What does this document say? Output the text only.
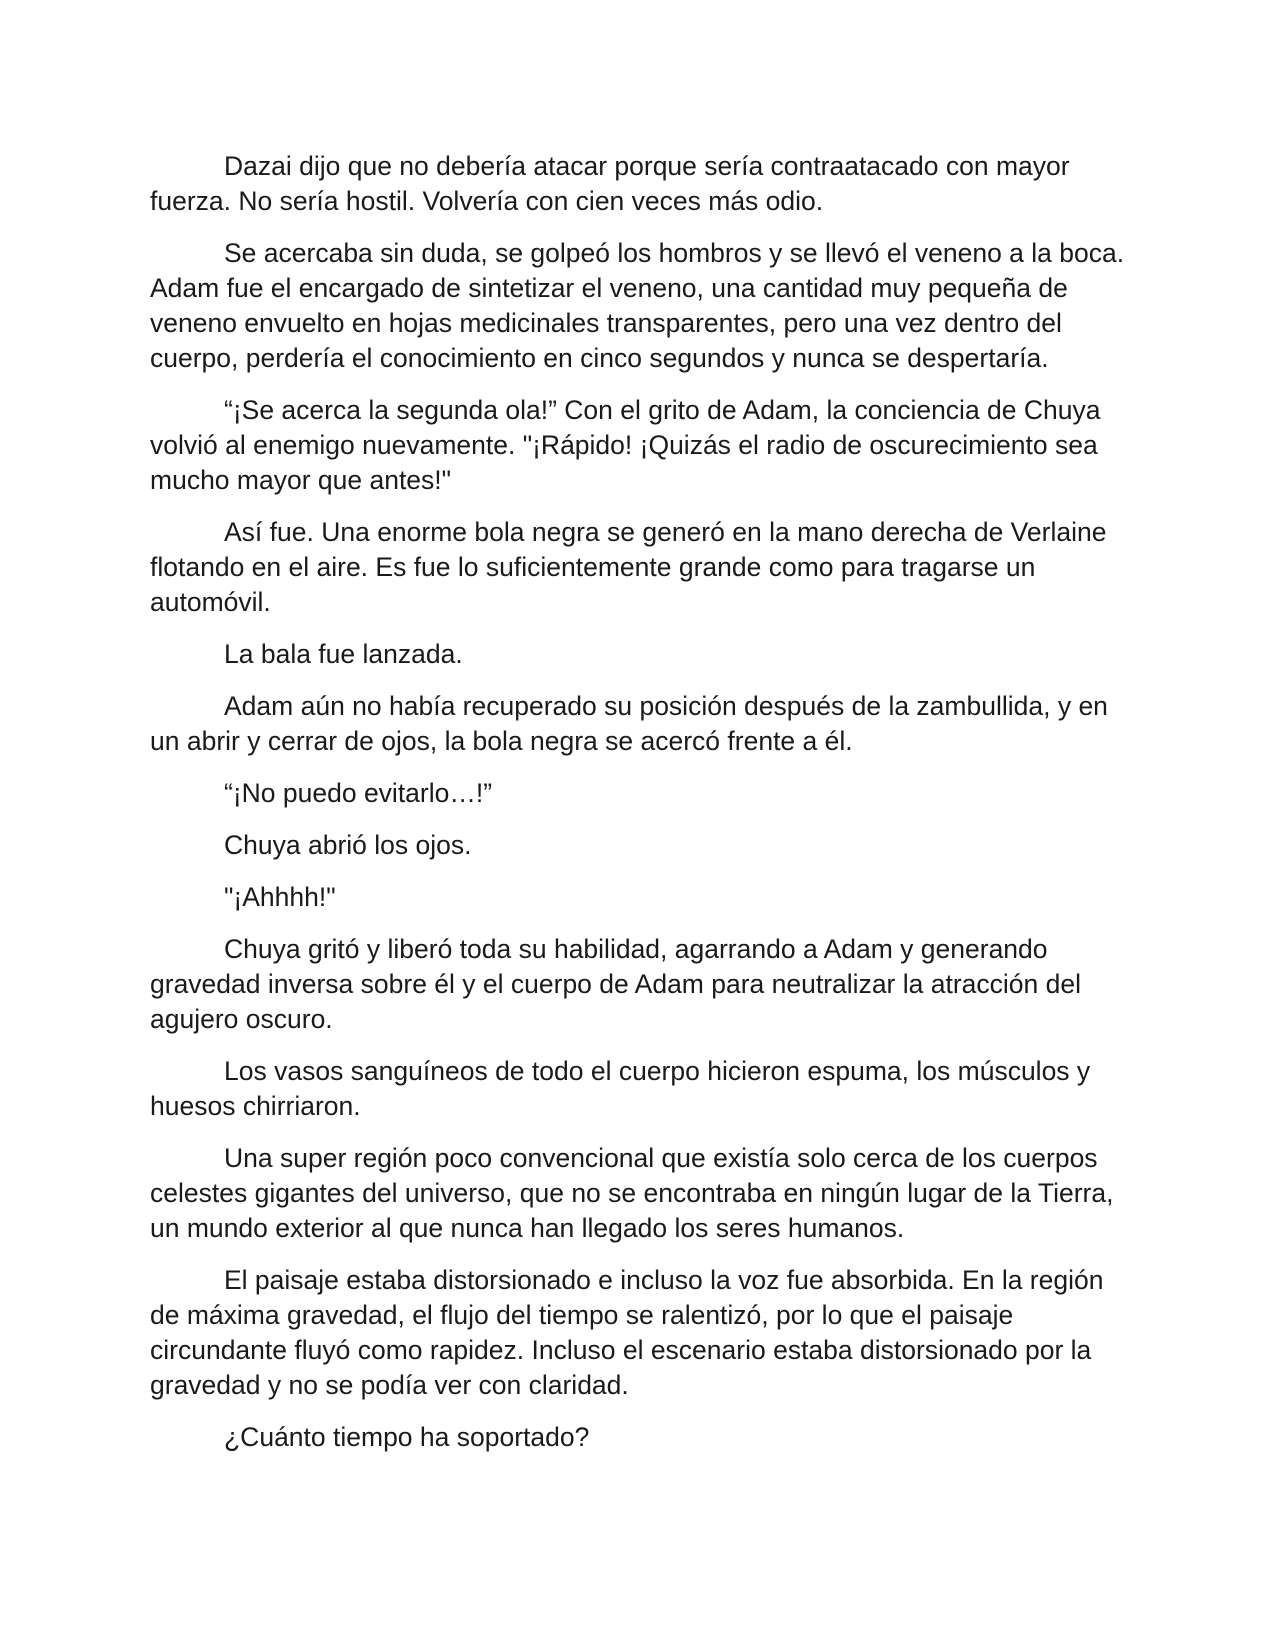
Dazai dijo que no debería atacar porque sería contraatacado con mayor fuerza. No sería hostil. Volvería con cien veces más odio.

Se acercaba sin duda, se golpeó los hombros y se llevó el veneno a la boca. Adam fue el encargado de sintetizar el veneno, una cantidad muy pequeña de veneno envuelto en hojas medicinales transparentes, pero una vez dentro del cuerpo, perdería el conocimiento en cinco segundos y nunca se despertaría.

“¡Se acerca la segunda ola!” Con el grito de Adam, la conciencia de Chuya volvió al enemigo nuevamente. "¡Rápido! ¡Quizás el radio de oscurecimiento sea mucho mayor que antes!"

Así fue. Una enorme bola negra se generó en la mano derecha de Verlaine flotando en el aire. Es fue lo suficientemente grande como para tragarse un automóvil.

La bala fue lanzada.

Adam aún no había recuperado su posición después de la zambullida, y en un abrir y cerrar de ojos, la bola negra se acercó frente a él.

“¡No puedo evitarlo…!”

Chuya abrió los ojos.

"¡Ahhhh!"

Chuya gritó y liberó toda su habilidad, agarrando a Adam y generando gravedad inversa sobre él y el cuerpo de Adam para neutralizar la atracción del agujero oscuro.

Los vasos sanguíneos de todo el cuerpo hicieron espuma, los músculos y huesos chirriaron.

Una super región poco convencional que existía solo cerca de los cuerpos celestes gigantes del universo, que no se encontraba en ningún lugar de la Tierra, un mundo exterior al que nunca han llegado los seres humanos.

El paisaje estaba distorsionado e incluso la voz fue absorbida. En la región de máxima gravedad, el flujo del tiempo se ralentizó, por lo que el paisaje circundante fluyó como rapidez. Incluso el escenario estaba distorsionado por la gravedad y no se podía ver con claridad.

¿Cuánto tiempo ha soportado?
